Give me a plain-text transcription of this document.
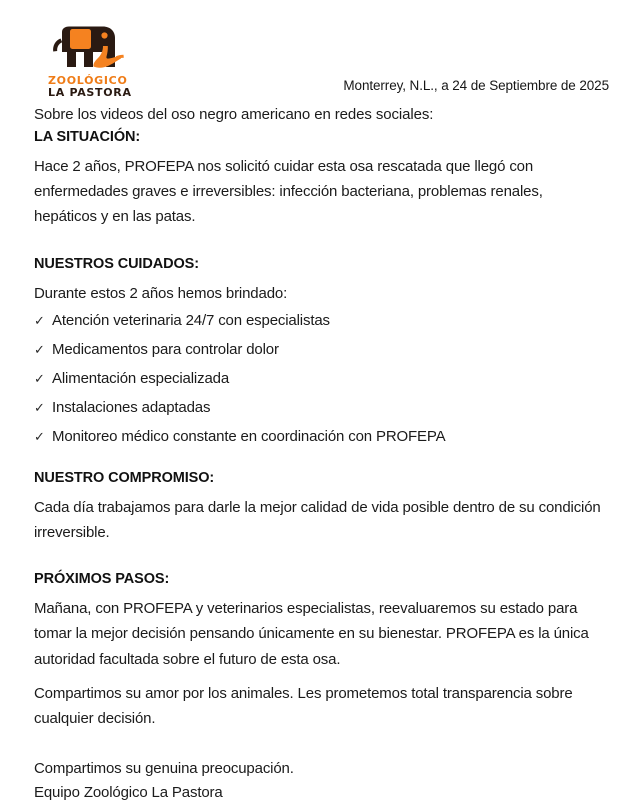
ZOOLÓGICO
LA PASTORA	Monterrey, N.L., a 24 de Septiembre de 2025

Sobre los videos del oso negro americano en redes sociales:

LA SITUACIÓN:

Hace 2 años, PROFEPA nos solicitó cuidar esta osa rescatada que llegó con enfermedades graves e irreversibles: infección bacteriana, problemas renales, hepáticos y en las patas.

NUESTROS CUIDADOS:

Durante estos 2 años hemos brindado:

✓ Atención veterinaria 24/7 con especialistas
✓ Medicamentos para controlar dolor
✓ Alimentación especializada
✓ Instalaciones adaptadas
✓ Monitoreo médico constante en coordinación con PROFEPA
NUESTRO COMPROMISO:

Cada día trabajamos para darle la mejor calidad de vida posible dentro de su condición irreversible.

PRÓXIMOS PASOS:

Mañana, con PROFEPA y veterinarios especialistas, reevaluaremos su estado para tomar la mejor decisión pensando únicamente en su bienestar. PROFEPA es la única autoridad facultada sobre el futuro de esta osa.

Compartimos su amor por los animales. Les prometemos total transparencia sobre cualquier decisión.

Compartimos su genuina preocupación.

Equipo Zoológico La Pastora
